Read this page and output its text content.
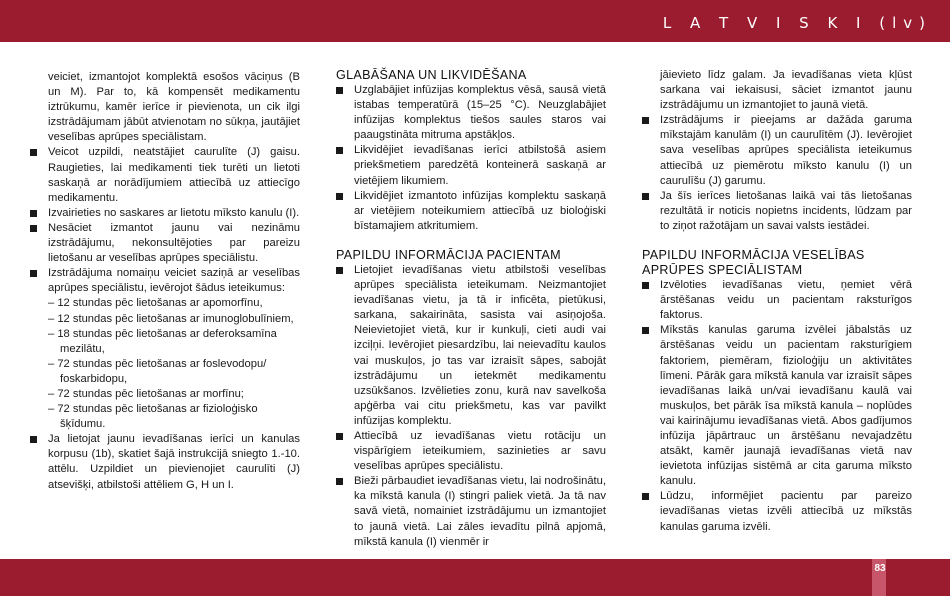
L A T V I S K I (lv)

veiciet, izmantojot komplektā esošos vāciņus (B un M). Par to, kā kompensēt medikamentu iztrūkumu, kamēr ierīce ir pievienota, un cik ilgi izstrādājumam jābūt atvienotam no sūkņa, jautājiet veselības aprūpes speciālistam.

Veicot uzpildi, neatstājiet caurulīte (J) gaisu. Raugieties, lai medikamenti tiek turēti un lietoti saskaņā ar norādījumiem attiecībā uz attiecīgo medikamentu.
Izvairieties no saskares ar lietotu mīksto kanulu (I).
Nesāciet izmantot jaunu vai nezināmu izstrādājumu, nekonsultējoties par pareizu lietošanu ar veselības aprūpes speciālistu.
Izstrādājuma nomaiņu veiciet saziņā ar veselības aprūpes speciālistu, ievērojot šādus ieteikumus:
– 12 stundas pēc lietošanas ar apomorfīnu,
– 12 stundas pēc lietošanas ar imunoglobulīniem,
– 18 stundas pēc lietošanas ar deferoksamīna mezilātu,
– 72 stundas pēc lietošanas ar foslevodopu/ foskarbidopu,
– 72 stundas pēc lietošanas ar morfīnu;
– 72 stundas pēc lietošanas ar fizioloģisko šķīdumu.
Ja lietojat jaunu ievadīšanas ierīci un kanulas korpusu (1b), skatiet šajā instrukcijā sniegto 1.-10. attēlu. Uzpildiet un pievienojiet caurulīti (J) atsevišķi, atbilstoši attēliem G, H un I.
GLABĀŠANA UN LIKVIDĒŠANA
Uzglabājiet infūzijas komplektus vēsā, sausā vietā istabas temperatūrā (15–25 °C). Neuzglabājiet infūzijas komplektus tiešos saules staros vai paaugstināta mitruma apstākļos.
Likvidējiet ievadīšanas ierīci atbilstošā asiem priekšmetiem paredzētā konteinerā saskaņā ar vietējiem likumiem.
Likvidējiet izmantoto infūzijas komplektu saskaņā ar vietējiem noteikumiem attiecībā uz bioloģiski bīstamajiem atkritumiem.
PAPILDU INFORMĀCIJA PACIENTAM
Lietojiet ievadīšanas vietu atbilstoši veselības aprūpes speciālista ieteikumam. Neizmantojiet ievadīšanas vietu, ja tā ir inficēta, pietūkusi, sarkana, sakairināta, sasista vai asiņojoša. Neievietojiet vietā, kur ir kunkuļi, cieti audi vai izciļņi. Ievērojiet piesardzību, lai neievadītu kaulos vai muskuļos, jo tas var izraisīt sāpes, sabojāt izstrādājumu un ietekmēt medikamentu uzsūkšanos. Izvēlieties zonu, kurā nav savelkoša apģērba vai citu priekšmetu, kas var pavilkt infūzijas komplektu.
Attiecībā uz ievadīšanas vietu rotāciju un vispārīgiem ieteikumiem, sazinieties ar savu veselības aprūpes speciālistu.
Bieži pārbaudiet ievadīšanas vietu, lai nodrošinātu, ka mīkstā kanula (I) stingri paliek vietā. Ja tā nav savā vietā, nomainiet izstrādājumu un izmantojiet to jaunā vietā. Lai zāles ievadītu pilnā apjomā, mīkstā kanula (I) vienmēr ir

jāievieto līdz galam. Ja ievadīšanas vieta kļūst sarkana vai iekaisusi, sāciet izmantot jaunu izstrādājumu un izmantojiet to jaunā vietā.

Izstrādājums ir pieejams ar dažāda garuma mīkstajām kanulām (I) un caurulītēm (J). Ievērojiet sava veselības aprūpes speciālista ieteikumus attiecībā uz piemērotu mīksto kanulu (I) un caurulīšu (J) garumu.
Ja šīs ierīces lietošanas laikā vai tās lietošanas rezultātā ir noticis nopietns incidents, lūdzam par to ziņot ražotājam un savai valsts iestādei.
PAPILDU INFORMĀCIJA VESELĪBAS APRŪPES SPECIĀLISTAM
Izvēloties ievadīšanas vietu, ņemiet vērā ārstēšanas veidu un pacientam raksturīgos faktorus.
Mīkstās kanulas garuma izvēlei jābalstās uz ārstēšanas veidu un pacientam raksturīgiem faktoriem, piemēram, fizioloģiju un aktivitātes līmeni. Pārāk gara mīkstā kanula var izraisīt sāpes ievadīšanas laikā un/vai ievadīšanu kaulā vai muskuļos, bet pārāk īsa mīkstā kanula – noplūdes vai kairinājumu ievadīšanas vietā. Abos gadījumos infūzija jāpārtrauc un ārstēšanu nevajadzētu atsākt, kamēr jaunajā ievadīšanas vietā nav ievietota infūzijas sistēmā ar cita garuma mīksto kanulu.
Lūdzu, informējiet pacientu par pareizo ievadīšanas vietas izvēli attiecībā uz mīkstās kanulas garuma izvēli.
83
